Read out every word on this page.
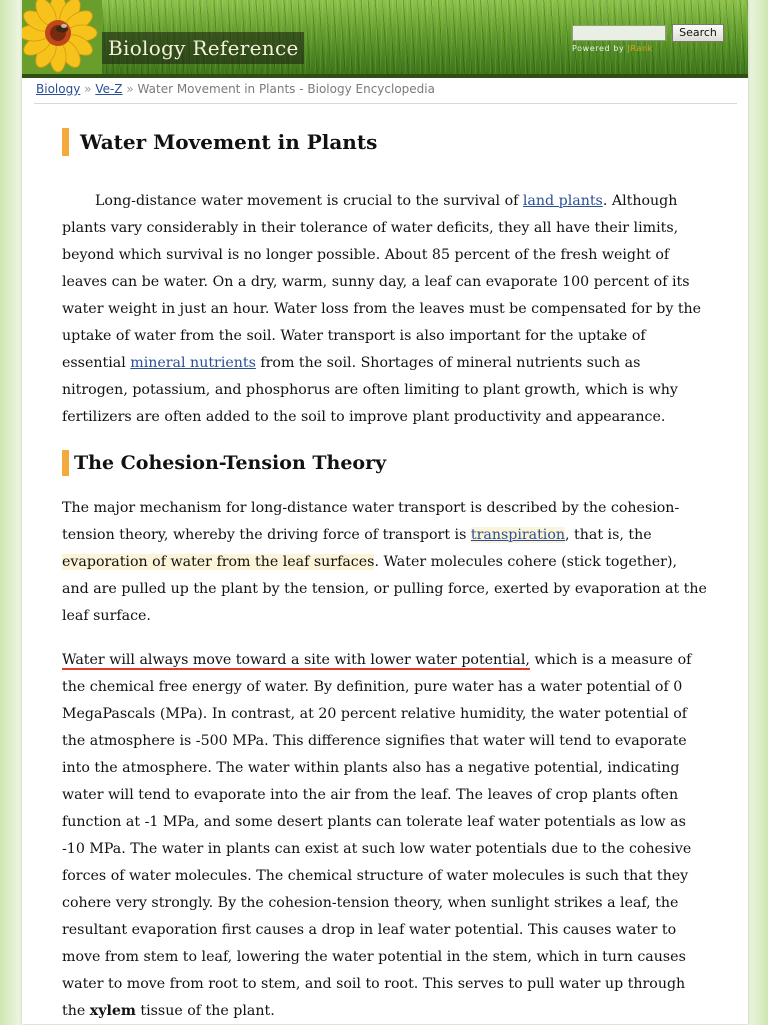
Biology Reference
Search
Powered by JRank
Biology » Ve-Z » Water Movement in Plants - Biology Encyclopedia
Water Movement in Plants

Long-distance water movement is crucial to the survival of land plants. Although plants vary considerably in their tolerance of water deficits, they all have their limits, beyond which survival is no longer possible. About 85 percent of the fresh weight of leaves can be water. On a dry, warm, sunny day, a leaf can evaporate 100 percent of its water weight in just an hour. Water loss from the leaves must be compensated for by the uptake of water from the soil. Water transport is also important for the uptake of essential mineral nutrients from the soil. Shortages of mineral nutrients such as nitrogen, potassium, and phosphorus are often limiting to plant growth, which is why fertilizers are often added to the soil to improve plant productivity and appearance.

The Cohesion-Tension Theory

The major mechanism for long-distance water transport is described by the cohesion-tension theory, whereby the driving force of transport is transpiration, that is, the evaporation of water from the leaf surfaces. Water molecules cohere (stick together), and are pulled up the plant by the tension, or pulling force, exerted by evaporation at the leaf surface.

Water will always move toward a site with lower water potential, which is a measure of the chemical free energy of water. By definition, pure water has a water potential of 0 MegaPascals (MPa). In contrast, at 20 percent relative humidity, the water potential of the atmosphere is -500 MPa. This difference signifies that water will tend to evaporate into the atmosphere. The water within plants also has a negative potential, indicating water will tend to evaporate into the air from the leaf. The leaves of crop plants often function at -1 MPa, and some desert plants can tolerate leaf water potentials as low as -10 MPa. The water in plants can exist at such low water potentials due to the cohesive forces of water molecules. The chemical structure of water molecules is such that they cohere very strongly. By the cohesion-tension theory, when sunlight strikes a leaf, the resultant evaporation first causes a drop in leaf water potential. This causes water to move from stem to leaf, lowering the water potential in the stem, which in turn causes water to move from root to stem, and soil to root. This serves to pull water up through the xylem tissue of the plant.
